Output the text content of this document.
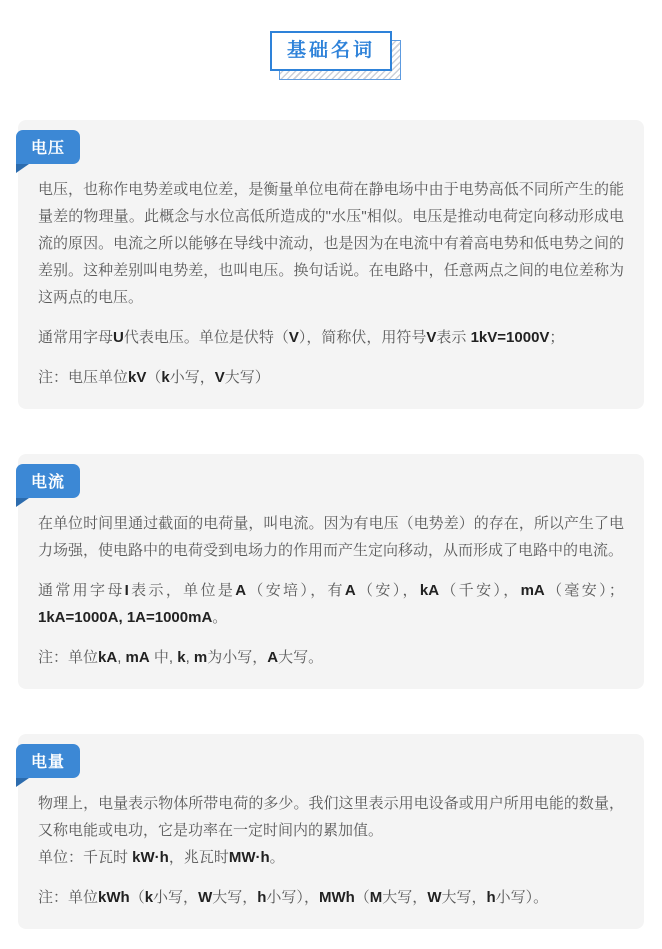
基础名词
电压

电压，也称作电势差或电位差，是衡量单位电荷在静电场中由于电势高低不同所产生的能量差的物理量。此概念与水位高低所造成的"水压"相似。电压是推动电荷定向移动形成电流的原因。电流之所以能够在导线中流动，也是因为在电流中有着高电势和低电势之间的差别。这种差别叫电势差，也叫电压。换句话说。在电路中，任意两点之间的电位差称为这两点的电压。

通常用字母U代表电压。单位是伏特（V），简称伏，用符号V表示 1kV=1000V；

注：电压单位kV（k小写，V大写）

电流

在单位时间里通过截面的电荷量，叫电流。因为有电压（电势差）的存在，所以产生了电力场强，使电路中的电荷受到电场力的作用而产生定向移动，从而形成了电路中的电流。

通常用字母I表示，单位是A（安培），有A（安），kA（千安），mA（毫安）；1kA=1000A, 1A=1000mA。

注：单位kA, mA 中, k, m为小写，A大写。

电量

物理上，电量表示物体所带电荷的多少。我们这里表示用电设备或用户所用电能的数量，又称电能或电功，它是功率在一定时间内的累加值。

单位：千瓦时 kW·h，兆瓦时MW·h。

注：单位kWh（k小写，W大写，h小写），MWh（M大写，W大写，h小写）。
